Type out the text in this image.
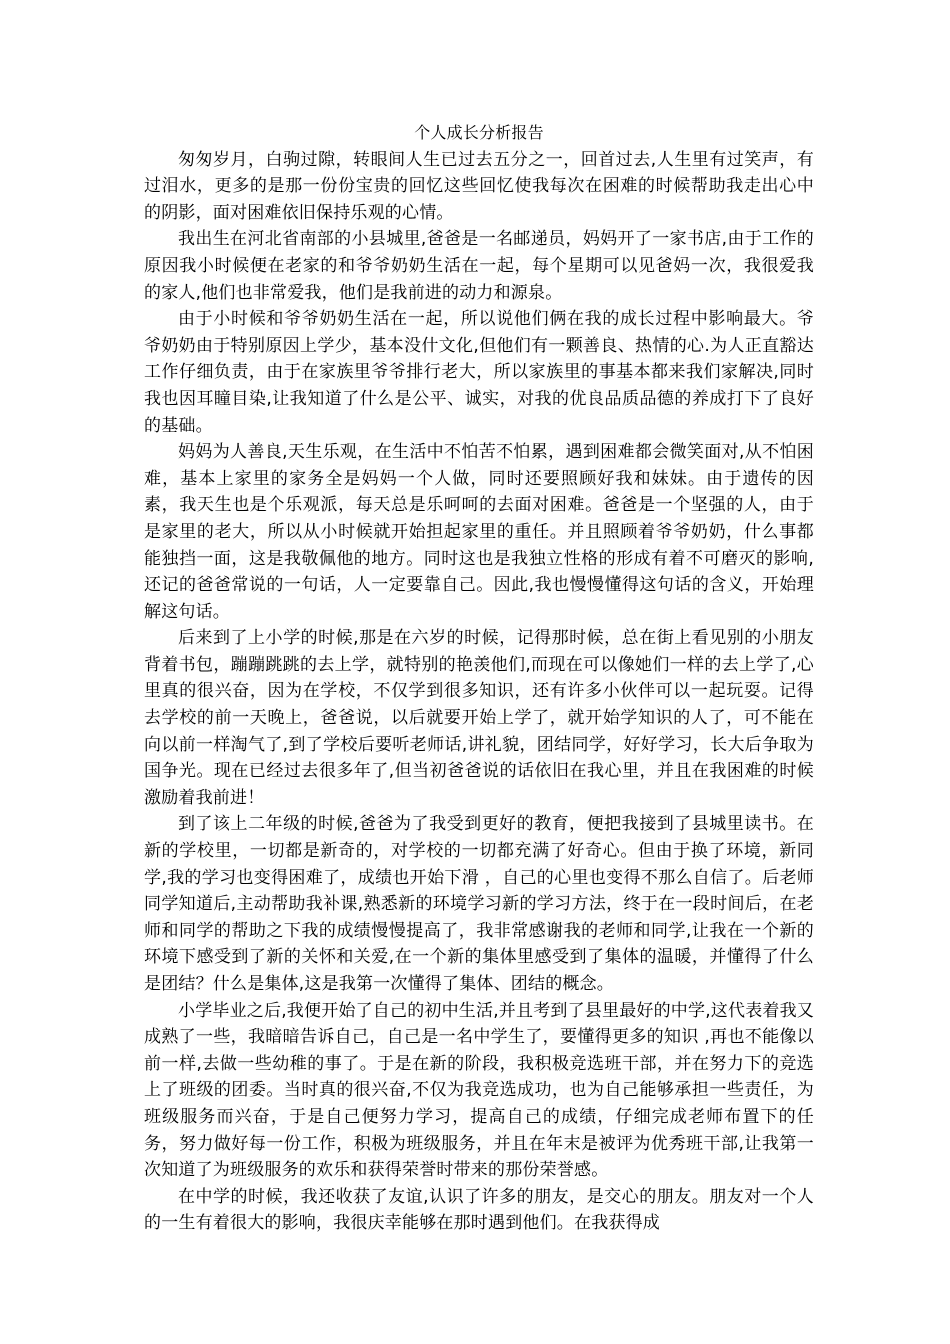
个人成长分析报告

匆匆岁月，白驹过隙，转眼间人生已过去五分之一，回首过去,人生里有过笑声，有过泪水，更多的是那一份份宝贵的回忆这些回忆使我每次在困难的时候帮助我走出心中的阴影，面对困难依旧保持乐观的心情。

我出生在河北省南部的小县城里,爸爸是一名邮递员，妈妈开了一家书店,由于工作的原因我小时候便在老家的和爷爷奶奶生活在一起，每个星期可以见爸妈一次，我很爱我的家人,他们也非常爱我，他们是我前进的动力和源泉。

由于小时候和爷爷奶奶生活在一起，所以说他们俩在我的成长过程中影响最大。爷爷奶奶由于特别原因上学少，基本没什文化,但他们有一颗善良、热情的心.为人正直豁达工作仔细负责，由于在家族里爷爷排行老大，所以家族里的事基本都来我们家解决,同时我也因耳瞳目染,让我知道了什么是公平、诚实，对我的优良品质品德的养成打下了良好的基础。

妈妈为人善良,天生乐观，在生活中不怕苦不怕累，遇到困难都会微笑面对,从不怕困难，基本上家里的家务全是妈妈一个人做，同时还要照顾好我和妹妹。由于遗传的因素，我天生也是个乐观派，每天总是乐呵呵的去面对困难。爸爸是一个坚强的人，由于是家里的老大，所以从小时候就开始担起家里的重任。并且照顾着爷爷奶奶，什么事都能独挡一面，这是我敬佩他的地方。同时这也是我独立性格的形成有着不可磨灭的影响,还记的爸爸常说的一句话，人一定要靠自己。因此,我也慢慢懂得这句话的含义，开始理解这句话。

后来到了上小学的时候,那是在六岁的时候，记得那时候，总在街上看见别的小朋友背着书包，蹦蹦跳跳的去上学，就特别的艳羡他们,而现在可以像她们一样的去上学了,心里真的很兴奋，因为在学校，不仅学到很多知识，还有许多小伙伴可以一起玩耍。记得去学校的前一天晚上，爸爸说，以后就要开始上学了，就开始学知识的人了，可不能在向以前一样淘气了,到了学校后要听老师话,讲礼貌，团结同学，好好学习，长大后争取为国争光。现在已经过去很多年了,但当初爸爸说的话依旧在我心里，并且在我困难的时候激励着我前进！

到了该上二年级的时候,爸爸为了我受到更好的教育，便把我接到了县城里读书。在新的学校里，一切都是新奇的，对学校的一切都充满了好奇心。但由于换了环境，新同学,我的学习也变得困难了，成绩也开始下滑 ，自己的心里也变得不那么自信了。后老师同学知道后,主动帮助我补课,熟悉新的环境学习新的学习方法，终于在一段时间后，在老师和同学的帮助之下我的成绩慢慢提高了，我非常感谢我的老师和同学,让我在一个新的环境下感受到了新的关怀和关爱,在一个新的集体里感受到了集体的温暖，并懂得了什么是团结？什么是集体,这是我第一次懂得了集体、团结的概念。

小学毕业之后,我便开始了自己的初中生活,并且考到了县里最好的中学,这代表着我又成熟了一些，我暗暗告诉自己，自己是一名中学生了，要懂得更多的知识 ,再也不能像以前一样,去做一些幼稚的事了。于是在新的阶段，我积极竞选班干部，并在努力下的竞选上了班级的团委。当时真的很兴奋,不仅为我竞选成功，也为自己能够承担一些责任，为班级服务而兴奋，于是自己便努力学习，提高自己的成绩，仔细完成老师布置下的任务，努力做好每一份工作，积极为班级服务，并且在年末是被评为优秀班干部,让我第一次知道了为班级服务的欢乐和获得荣誉时带来的那份荣誉感。

在中学的时候，我还收获了友谊,认识了许多的朋友，是交心的朋友。朋友对一个人的一生有着很大的影响，我很庆幸能够在那时遇到他们。在我获得成
